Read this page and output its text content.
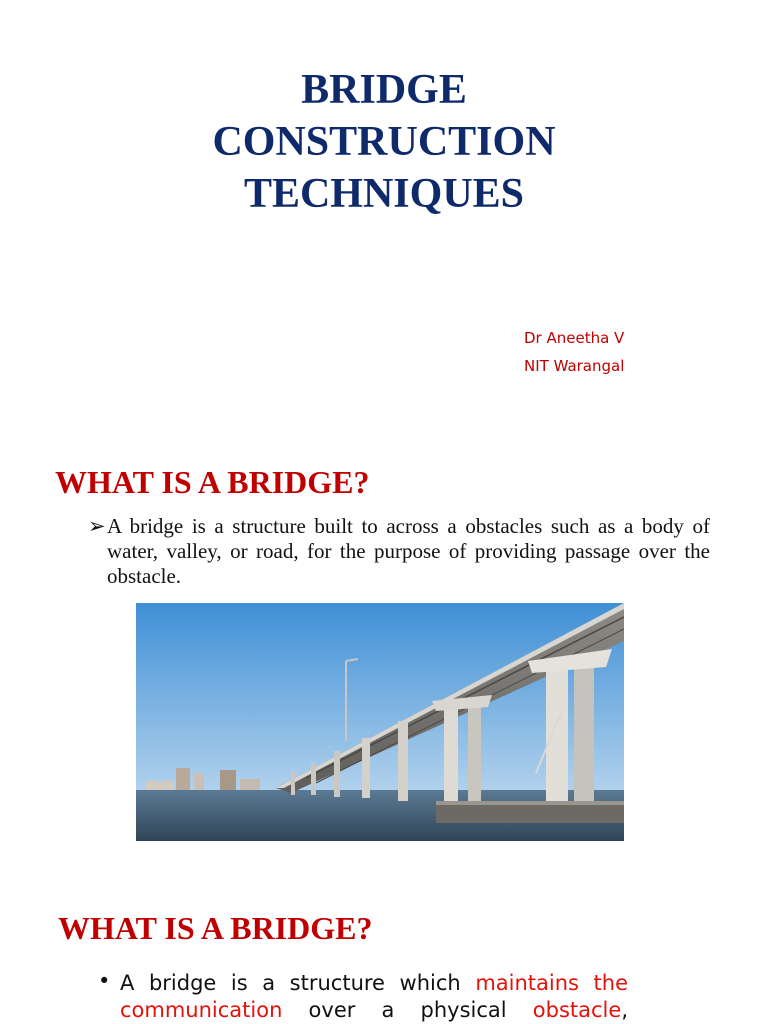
BRIDGE
CONSTRUCTION
TECHNIQUES
Dr Aneetha V
NIT Warangal
WHAT IS A BRIDGE?
➢ A bridge is a structure built to across a obstacles such as a body of water, valley, or road, for the purpose of providing passage over the obstacle.
WHAT IS A BRIDGE?
• A bridge is a structure which maintains the communication over a physical obstacle,
